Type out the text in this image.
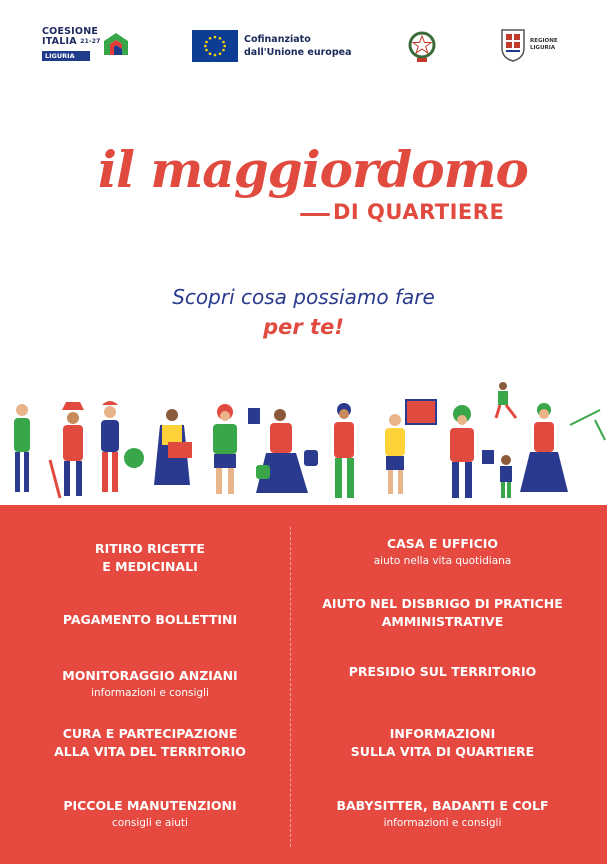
COESIONE
ITALIA $^{21-27}$
LIGURIA
Cofinanziato
dall'Unione europea
REGIONE
LIGURIA
il maggiordomo
DI QUARTIERE
Scopri cosa possiamo fare
per te!
RITIRO RICETTE
E MEDICINALI
PAGAMENTO BOLLETTINI
MONITORAGGIO ANZIANI
informazioni e consigli
CURA E PARTECIPAZIONE
ALLA VITA DEL TERRITORIO
PICCOLE MANUTENZIONI
consigli e aiuti
CASA E UFFICIO
aiuto nella vita quotidiana
AIUTO NEL DISBRIGO DI PRATICHE
AMMINISTRATIVE
PRESIDIO SUL TERRITORIO
INFORMAZIONI
SULLA VITA DI QUARTIERE
BABYSITTER, BADANTI E COLF
informazioni e consigli
